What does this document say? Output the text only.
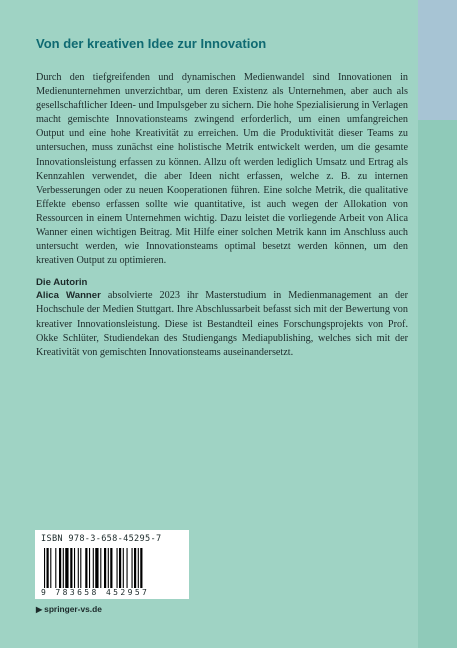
Von der kreativen Idee zur Innovation

Durch den tiefgreifenden und dynamischen Medienwandel sind Innovationen in Medienunternehmen unverzichtbar, um deren Existenz als Unternehmen, aber auch als gesellschaftlicher Ideen- und Impulsgeber zu sichern. Die hohe Spezialisierung in Verlagen macht gemischte Innovationsteams zwingend erforderlich, um einen umfangreichen Output und eine hohe Kreativität zu erreichen. Um die Produktivität dieser Teams zu untersuchen, muss zunächst eine holistische Metrik entwickelt werden, um die gesamte Innovationsleistung erfassen zu können. Allzu oft werden lediglich Umsatz und Ertrag als Kennzahlen verwendet, die aber Ideen nicht erfassen, welche z. B. zu internen Verbesserungen oder zu neuen Kooperationen führen. Eine solche Metrik, die qualitative Effekte ebenso erfassen sollte wie quantitative, ist auch wegen der Allokation von Ressourcen in einem Unternehmen wichtig. Dazu leistet die vorliegende Arbeit von Alica Wanner einen wichtigen Beitrag. Mit Hilfe einer solchen Metrik kann im Anschluss auch untersucht werden, wie Innovationsteams optimal besetzt werden können, um den kreativen Output zu optimieren.

Die Autorin

Alica Wanner absolvierte 2023 ihr Masterstudium in Medienmanagement an der Hochschule der Medien Stuttgart. Ihre Abschlussarbeit befasst sich mit der Bewertung von kreativer Innovationsleistung. Diese ist Bestandteil eines Forschungsprojekts von Prof. Okke Schlüter, Studiendekan des Studiengangs Mediapublishing, welches sich mit der Kreativität von gemischten Innovationsteams auseinandersetzt.

ISBN 978-3-658-45295-7
9 783658 452957
▶ springer-vs.de
